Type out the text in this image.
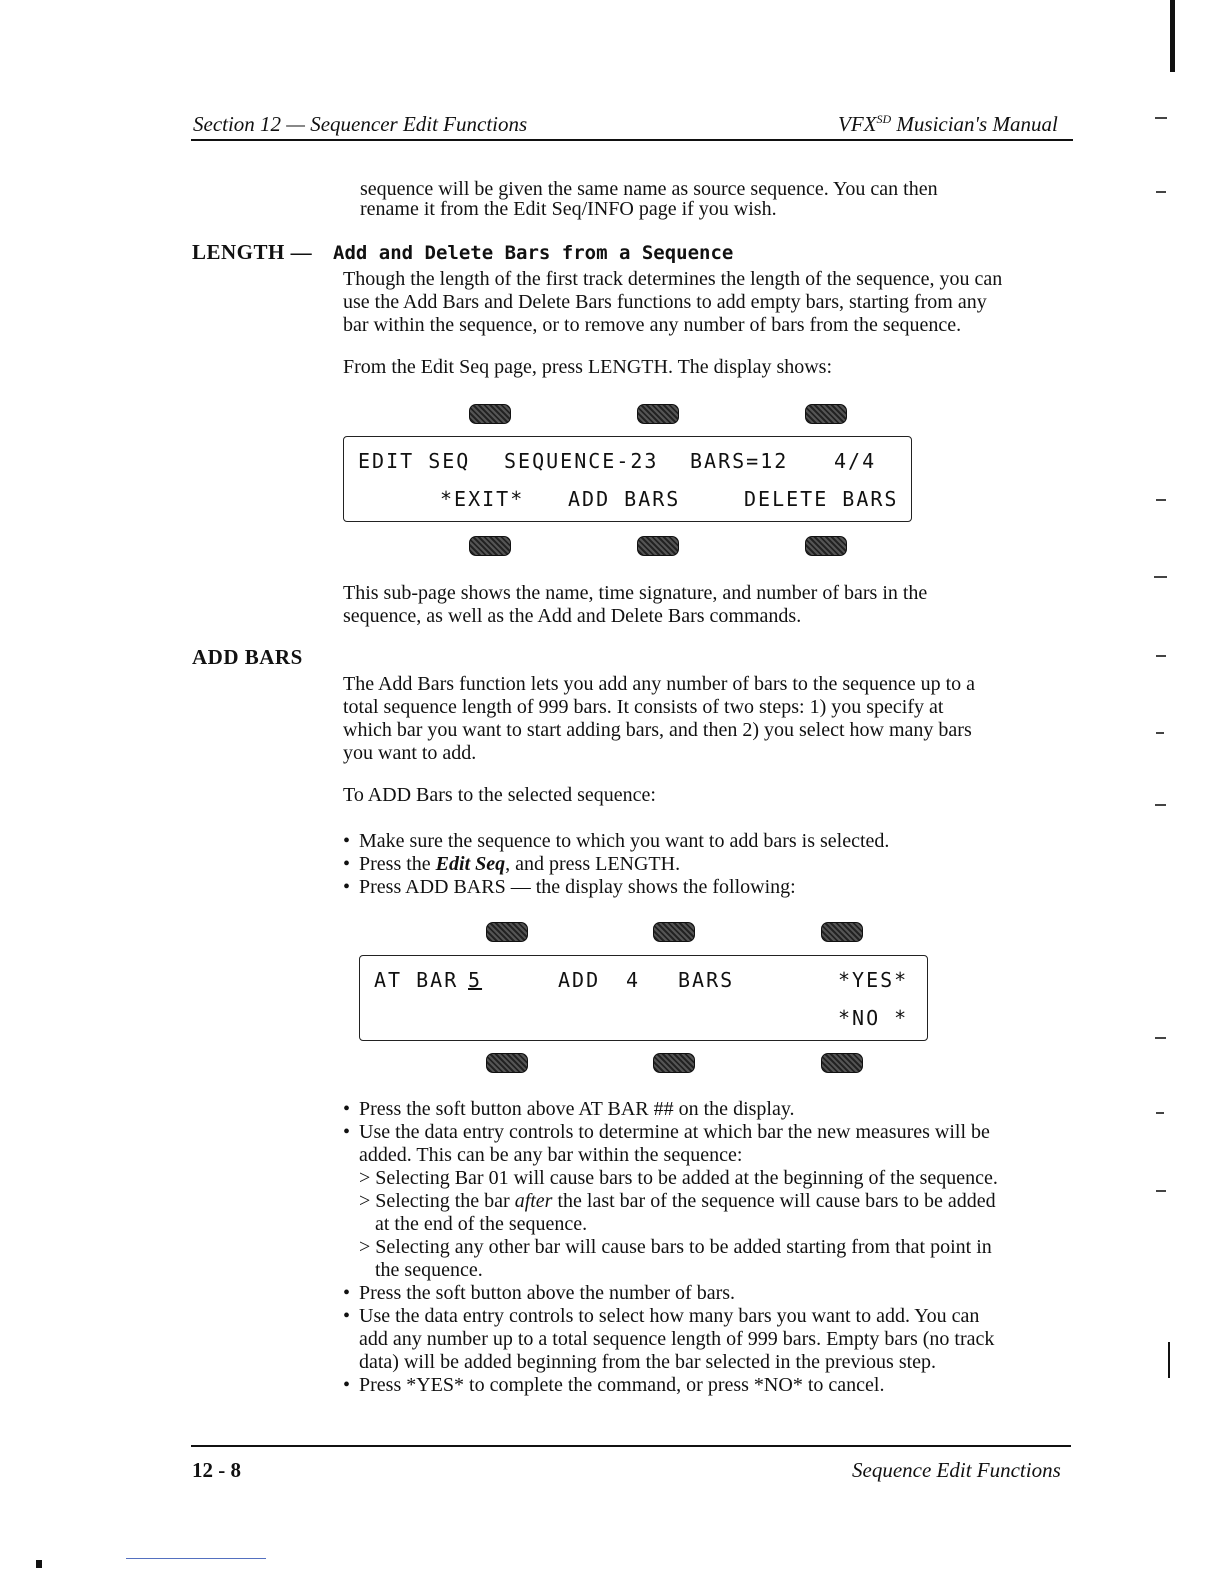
Section 12 — Sequencer Edit Functions	$VFX^{SD}$ Musician's Manual
sequence will be given the same name as source sequence. You can then
rename it from the Edit Seq/INFO page if you wish.
LENGTH — Add and Delete Bars from a Sequence
Though the length of the first track determines the length of the sequence, you can
use the Add Bars and Delete Bars functions to add empty bars, starting from any
bar within the sequence, or to remove any number of bars from the sequence.
From the Edit Seq page, press LENGTH. The display shows:
EDIT SEQ SEQUENCE-23 BARS=12 4/4
*EXIT* ADD BARS	DELETE BARS
This sub-page shows the name, time signature, and number of bars in the
sequence, as well as the Add and Delete Bars commands.
ADD BARS
The Add Bars function lets you add any number of bars to the sequence up to a
total sequence length of 999 bars. It consists of two steps: 1) you specify at
which bar you want to start adding bars, and then 2) you select how many bars
you want to add.
To ADD Bars to the selected sequence:
• Make sure the sequence to which you want to add bars is selected.
• Press the Edit Seq, and press LENGTH.
• Press ADD BARS — the display shows the following:
AT BAR 5	ADD 4 BARS	*YES*
*NO *
• Press the soft button above AT BAR ## on the display.
• Use the data entry controls to determine at which bar the new measures will be
added. This can be any bar within the sequence:
> Selecting Bar 01 will cause bars to be added at the beginning of the sequence.
> Selecting the bar after the last bar of the sequence will cause bars to be added
at the end of the sequence.
> Selecting any other bar will cause bars to be added starting from that point in
the sequence.
• Press the soft button above the number of bars.
• Use the data entry controls to select how many bars you want to add. You can
add any number up to a total sequence length of 999 bars. Empty bars (no track
data) will be added beginning from the bar selected in the previous step.
• Press *YES* to complete the command, or press *NO* to cancel.
12 - 8	Sequence Edit Functions
